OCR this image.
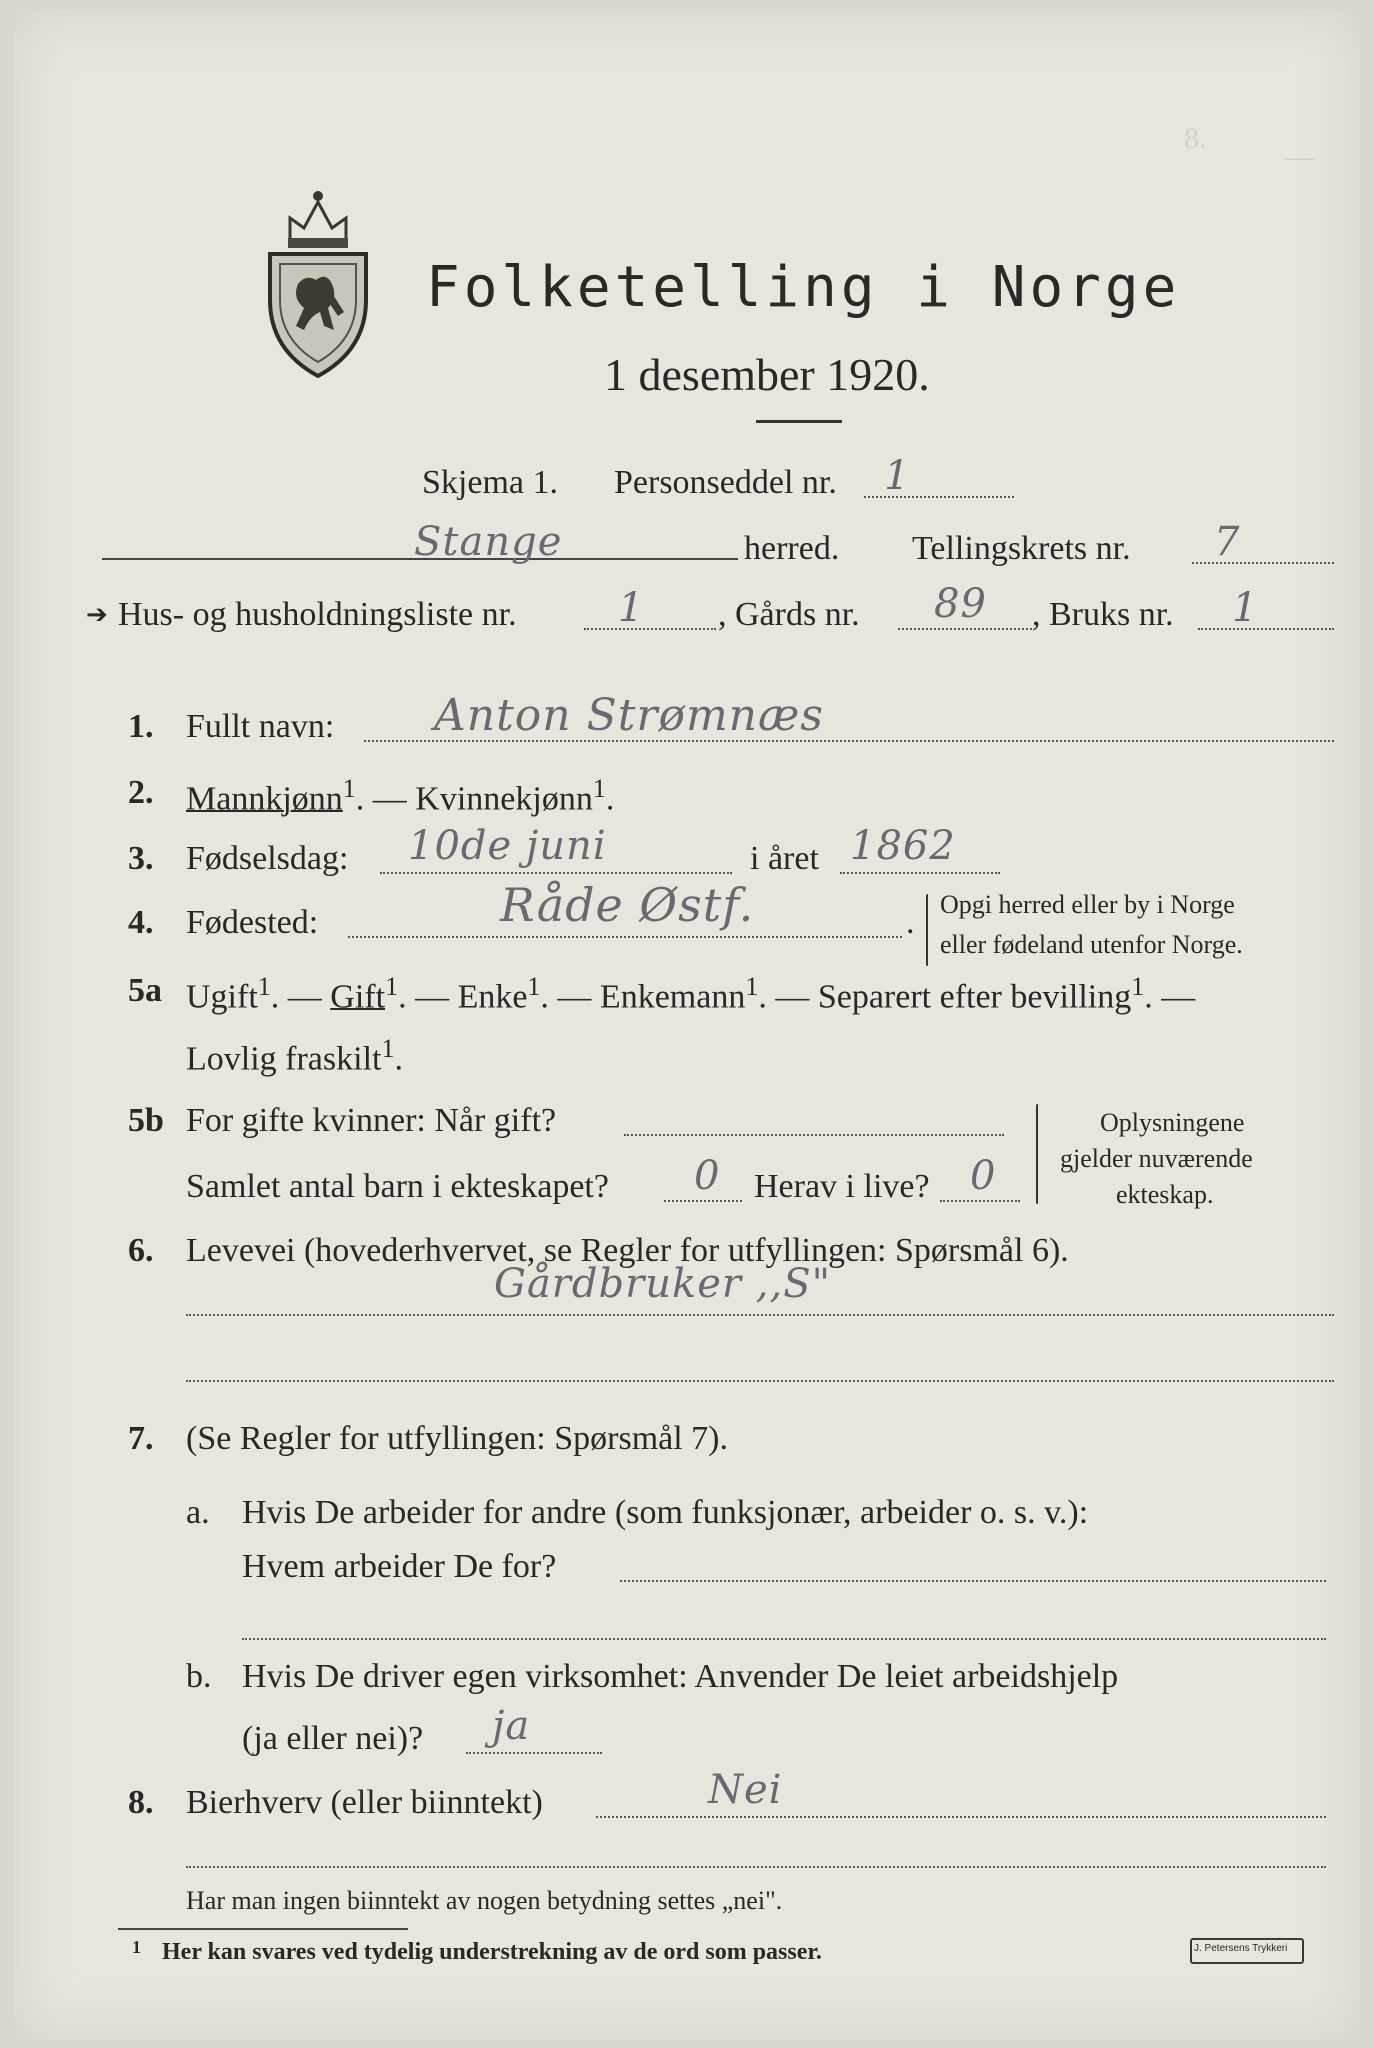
8.
—
Folketelling i Norge
1 desember 1920.
Skjema 1. Personseddel nr. 1
Stange	herred. Tellingskrets nr. 7
➔ Hus- og husholdningsliste nr.	1 , Gårds nr. 89 , Bruks nr. 1
1. Fullt navn: Anton Strømnæs
2. Mannkjønn$^1$. — Kvinnekjønn$^1$.
3. Fødselsdag: 10de juni	i året 1862
4. Fødested:	Råde Østf.	. Opgi herred eller by i Norge
eller fødeland utenfor Norge.
5a Ugift$^1$. — Gift$^1$. — Enke$^1$. — Enkemann$^1$. — Separert efter bevilling$^1$. —
Lovlig fraskilt$^1$.
5b For gifte kvinner: Når gift?
Samlet antal barn i ekteskapet? 0 Herav i live? 0
Oplysningene
gjelder nuværende
ekteskap.
6. Levevei (hovederhvervet, se Regler for utfyllingen: Spørsmål 6).
Gårdbruker ,,S"
7. (Se Regler for utfyllingen: Spørsmål 7).
a. Hvis De arbeider for andre (som funksjonær, arbeider o. s. v.):
Hvem arbeider De for?
b. Hvis De driver egen virksomhet: Anvender De leiet arbeidshjelp
(ja eller nei)? ja
8. Bierhverv (eller biinntekt)	Nei
Har man ingen biinntekt av nogen betydning settes „nei".
1 Her kan svares ved tydelig understrekning av de ord som passer.	J. Petersens Trykkeri
